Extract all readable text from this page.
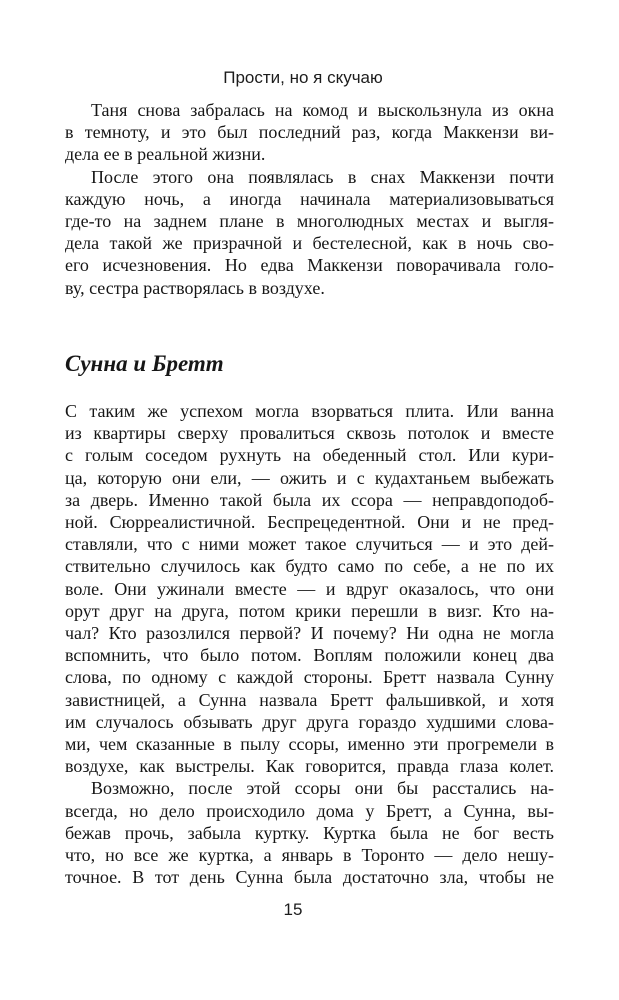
Прости, но я скучаю
Таня снова забралась на комод и выскользнула из окна
в темноту, и это был последний раз, когда Маккензи ви-
дела ее в реальной жизни.
После этого она появлялась в снах Маккензи почти
каждую ночь, а иногда начинала материализовываться
где-то на заднем плане в многолюдных местах и выгля-
дела такой же призрачной и бестелесной, как в ночь сво-
его исчезновения. Но едва Маккензи поворачивала голо-
ву, сестра растворялась в воздухе.
Сунна и Бретт
С таким же успехом могла взорваться плита. Или ванна
из квартиры сверху провалиться сквозь потолок и вместе
с голым соседом рухнуть на обеденный стол. Или кури-
ца, которую они ели, — ожить и с кудахтаньем выбежать
за дверь. Именно такой была их ссора — неправдоподоб-
ной. Сюрреалистичной. Беспрецедентной. Они и не пред-
ставляли, что с ними может такое случиться — и это дей-
ствительно случилось как будто само по себе, а не по их
воле. Они ужинали вместе — и вдруг оказалось, что они
орут друг на друга, потом крики перешли в визг. Кто на-
чал? Кто разозлился первой? И почему? Ни одна не могла
вспомнить, что было потом. Воплям положили конец два
слова, по одному с каждой стороны. Бретт назвала Сунну
завистницей, а Сунна назвала Бретт фальшивкой, и хотя
им случалось обзывать друг друга гораздо худшими слова-
ми, чем сказанные в пылу ссоры, именно эти прогремели в
воздухе, как выстрелы. Как говорится, правда глаза колет.
Возможно, после этой ссоры они бы расстались на-
всегда, но дело происходило дома у Бретт, а Сунна, вы-
бежав прочь, забыла куртку. Куртка была не бог весть
что, но все же куртка, а январь в Торонто — дело нешу-
точное. В тот день Сунна была достаточно зла, чтобы не
15
